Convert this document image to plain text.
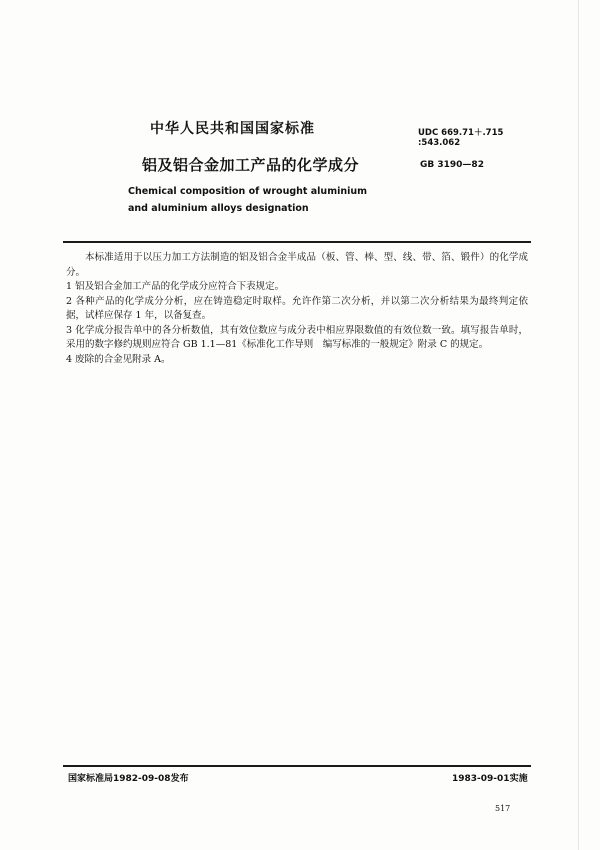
中华人民共和国国家标准	UDC 669.71＋.715
:543.062
铝及铝合金加工产品的化学成分	GB 3190—82
Chemical composition of wrought aluminium and aluminium alloys designation

本标准适用于以压力加工方法制造的铝及铝合金半成品（板、管、棒、型、线、带、箔、锻件）的化学成分。

1 铝及铝合金加工产品的化学成分应符合下表规定。

2 各种产品的化学成分分析，应在铸造稳定时取样。允许作第二次分析，并以第二次分析结果为最终判定依据，试样应保存 1 年，以备复查。

3 化学成分报告单中的各分析数值，其有效位数应与成分表中相应界限数值的有效位数一致。填写报告单时，采用的数字修约规则应符合 GB 1.1—81《标准化工作导则　编写标准的一般规定》附录 C 的规定。

4 废除的合金见附录 A。

国家标准局1982-09-08发布	1983-09-01实施
517
